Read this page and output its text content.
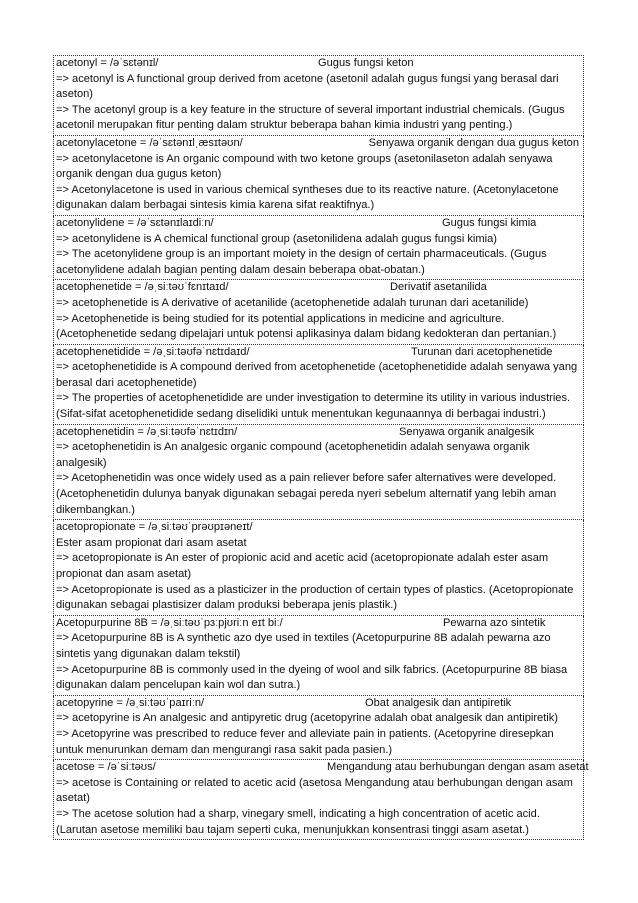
acetonyl = /əˈsɛtənɪl/	Gugus fungsi keton
=> acetonyl is A functional group derived from acetone (asetonil adalah gugus fungsi yang berasal dari aseton)
=> The acetonyl group is a key feature in the structure of several important industrial chemicals. (Gugus acetonil merupakan fitur penting dalam struktur beberapa bahan kimia industri yang penting.)
acetonylacetone = /əˈsɛtənɪlˌæsɪtəʊn/	Senyawa organik dengan dua gugus keton
=> acetonylacetone is An organic compound with two ketone groups (asetonilaseton adalah senyawa organik dengan dua gugus keton)
=> Acetonylacetone is used in various chemical syntheses due to its reactive nature. (Acetonylacetone digunakan dalam berbagai sintesis kimia karena sifat reaktifnya.)
acetonylidene = /əˈsɛtənɪlaɪdiːn/	Gugus fungsi kimia
=> acetonylidene is A chemical functional group (asetonilidena adalah gugus fungsi kimia)
=> The acetonylidene group is an important moiety in the design of certain pharmaceuticals. (Gugus acetonylidene adalah bagian penting dalam desain beberapa obat-obatan.)
acetophenetide = /əˌsiːtəʊˈfɛnɪtaɪd/	Derivatif asetanilida
=> acetophenetide is A derivative of acetanilide (acetophenetide adalah turunan dari acetanilide)
=> Acetophenetide is being studied for its potential applications in medicine and agriculture. (Acetophenetide sedang dipelajari untuk potensi aplikasinya dalam bidang kedokteran dan pertanian.)
acetophenetidide = /əˌsiːtəʊfəˈnɛtɪdaɪd/	Turunan dari acetophenetide
=> acetophenetidide is A compound derived from acetophenetide (acetophenetidide adalah senyawa yang berasal dari acetophenetide)
=> The properties of acetophenetidide are under investigation to determine its utility in various industries. (Sifat-sifat acetophenetidide sedang diselidiki untuk menentukan kegunaannya di berbagai industri.)
acetophenetidin = /əˌsiːtəʊfəˈnɛtɪdɪn/	Senyawa organik analgesik
=> acetophenetidin is An analgesic organic compound (acetophenetidin adalah senyawa organik analgesik)
=> Acetophenetidin was once widely used as a pain reliever before safer alternatives were developed. (Acetophenetidin dulunya banyak digunakan sebagai pereda nyeri sebelum alternatif yang lebih aman dikembangkan.)
acetopropionate = /əˌsiːtəʊˈprəʊpɪəneɪt/Ester asam propionat dari asam asetat
=> acetopropionate is An ester of propionic acid and acetic acid (acetopropionate adalah ester asam propionat dan asam asetat)
=> Acetopropionate is used as a plasticizer in the production of certain types of plastics. (Acetopropionate digunakan sebagai plastisizer dalam produksi beberapa jenis plastik.)
Acetopurpurine 8B = /əˌsiːtəʊˈpɜːpjʊriːn eɪt biː/	Pewarna azo sintetik
=> Acetopurpurine 8B is A synthetic azo dye used in textiles (Acetopurpurine 8B adalah pewarna azo sintetis yang digunakan dalam tekstil)
=> Acetopurpurine 8B is commonly used in the dyeing of wool and silk fabrics. (Acetopurpurine 8B biasa digunakan dalam pencelupan kain wol dan sutra.)
acetopyrine = /əˌsiːtəʊˈpaɪriːn/	Obat analgesik dan antipiretik
=> acetopyrine is An analgesic and antipyretic drug (acetopyrine adalah obat analgesik dan antipiretik)
=> Acetopyrine was prescribed to reduce fever and alleviate pain in patients. (Acetopyrine diresepkan untuk menurunkan demam dan mengurangi rasa sakit pada pasien.)
acetose = /əˈsiːtəʊs/	Mengandung atau berhubungan dengan asam asetat
=> acetose is Containing or related to acetic acid (asetosa Mengandung atau berhubungan dengan asam asetat)
=> The acetose solution had a sharp, vinegary smell, indicating a high concentration of acetic acid. (Larutan asetose memiliki bau tajam seperti cuka, menunjukkan konsentrasi tinggi asam asetat.)
